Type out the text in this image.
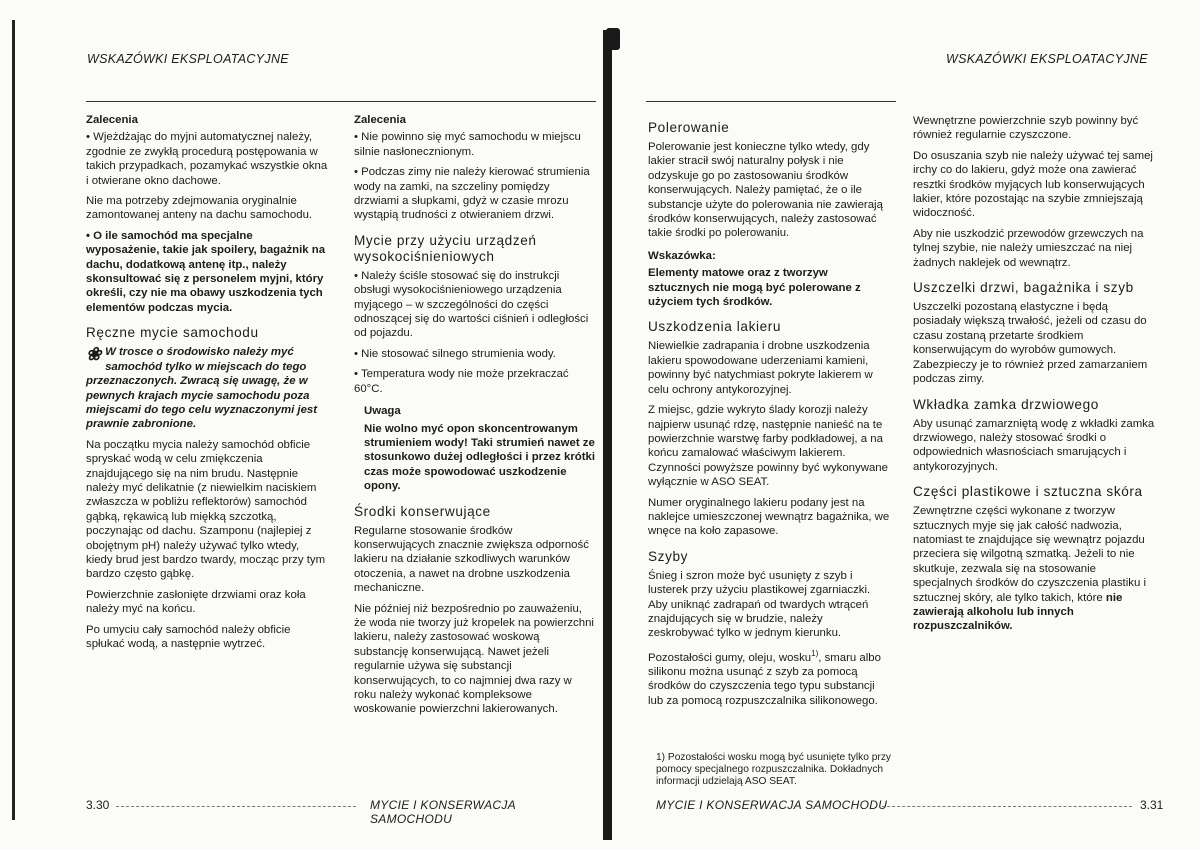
WSKAZÓWKI EKSPLOATACYJNE
Zalecenia

• Wjeżdżając do myjni automatycznej należy, zgodnie ze zwykłą procedurą postępowania w takich przypadkach, pozamykać wszystkie okna i otwierane okno dachowe.

Nie ma potrzeby zdejmowania oryginalnie zamontowanej anteny na dachu samochodu.

• O ile samochód ma specjalne wyposażenie, takie jak spoilery, bagażnik na dachu, dodatkową antenę itp., należy skonsultować się z personelem myjni, który określi, czy nie ma obawy uszkodzenia tych elementów podczas mycia.

Ręczne mycie samochodu

❀ W trosce o środowisko należy myć samochód tylko w miejscach do tego przeznaczonych. Zwracą się uwagę, że w pewnych krajach mycie samochodu poza miejscami do tego celu wyznaczonymi jest prawnie zabronione.

Na początku mycia należy samochód obficie spryskać wodą w celu zmiękczenia znajdującego się na nim brudu. Następnie należy myć delikatnie (z niewielkim naciskiem zwłaszcza w pobliżu reflektorów) samochód gąbką, rękawicą lub miękką szczotką, poczynając od dachu. Szamponu (najlepiej z obojętnym pH) należy używać tylko wtedy, kiedy brud jest bardzo twardy, mocząc przy tym bardzo często gąbkę.

Powierzchnie zasłonięte drzwiami oraz koła należy myć na końcu.

Po umyciu cały samochód należy obficie spłukać wodą, a następnie wytrzeć.

Zalecenia

• Nie powinno się myć samochodu w miejscu silnie nasłonecznionym.

• Podczas zimy nie należy kierować strumienia wody na zamki, na szczeliny pomiędzy drzwiami a słupkami, gdyż w czasie mrozu wystąpią trudności z otwieraniem drzwi.

Mycie przy użyciu urządzeń wysokociśnieniowych

• Należy ściśle stosować się do instrukcji obsługi wysokociśnieniowego urządzenia myjącego – w szczególności do części odnoszącej się do wartości ciśnień i odległości od pojazdu.

• Nie stosować silnego strumienia wody.

• Temperatura wody nie może przekraczać 60°C.

Uwaga

Nie wolno myć opon skoncentrowanym strumieniem wody! Taki strumień nawet ze stosunkowo dużej odległości i przez krótki czas może spowodować uszkodzenie opony.

Środki konserwujące

Regularne stosowanie środków konserwujących znacznie zwiększa odporność lakieru na działanie szkodliwych warunków otoczenia, a nawet na drobne uszkodzenia mechaniczne.

Nie później niż bezpośrednio po zauważeniu, że woda nie tworzy już kropelek na powierzchni lakieru, należy zastosować woskową substancję konserwującą. Nawet jeżeli regularnie używa się substancji konserwujących, to co najmniej dwa razy w roku należy wykonać kompleksowe woskowanie powierzchni lakierowanych.

3.30	MYCIE I KONSERWACJA SAMOCHODU
WSKAZÓWKI EKSPLOATACYJNE
Polerowanie

Polerowanie jest konieczne tylko wtedy, gdy lakier stracił swój naturalny połysk i nie odzyskuje go po zastosowaniu środków konserwujących. Należy pamiętać, że o ile substancje użyte do polerowania nie zawierają środków konserwujących, należy zastosować takie środki po polerowaniu.

Wskazówka:

Elementy matowe oraz z tworzyw sztucznych nie mogą być polerowane z użyciem tych środków.

Uszkodzenia lakieru

Niewielkie zadrapania i drobne uszkodzenia lakieru spowodowane uderzeniami kamieni, powinny być natychmiast pokryte lakierem w celu ochrony antykorozyjnej.

Z miejsc, gdzie wykryto ślady korozji należy najpierw usunąć rdzę, następnie nanieść na te powierzchnie warstwę farby podkładowej, a na końcu zamalować właściwym lakierem. Czynności powyższe powinny być wykonywane wyłącznie w ASO SEAT.

Numer oryginalnego lakieru podany jest na naklejce umieszczonej wewnątrz bagażnika, we wnęce na koło zapasowe.

Szyby

Śnieg i szron może być usunięty z szyb i lusterek przy użyciu plastikowej zgarniaczki. Aby uniknąć zadrapań od twardych wtrąceń znajdujących się w brudzie, należy zeskrobywać tylko w jednym kierunku.

Pozostałości gumy, oleju, wosku$^{1)}$, smaru albo silikonu można usunąć z szyb za pomocą środków do czyszczenia tego typu substancji lub za pomocą rozpuszczalnika silikonowego.

1) Pozostałości wosku mogą być usunięte tylko przy pomocy specjalnego rozpuszczalnika. Dokładnych informacji udzielają ASO SEAT.

Wewnętrzne powierzchnie szyb powinny być również regularnie czyszczone.

Do osuszania szyb nie należy używać tej samej irchy co do lakieru, gdyż może ona zawierać resztki środków myjących lub konserwujących lakier, które pozostając na szybie zmniejszają widoczność.

Aby nie uszkodzić przewodów grzewczych na tylnej szybie, nie należy umieszczać na niej żadnych naklejek od wewnątrz.

Uszczelki drzwi, bagażnika i szyb

Uszczelki pozostaną elastyczne i będą posiadały większą trwałość, jeżeli od czasu do czasu zostaną przetarte środkiem konserwującym do wyrobów gumowych. Zabezpieczy je to również przed zamarzaniem podczas zimy.

Wkładka zamka drzwiowego

Aby usunąć zamarzniętą wodę z wkładki zamka drzwiowego, należy stosować środki o odpowiednich własnościach smarujących i antykorozyjnych.

Części plastikowe i sztuczna skóra

Zewnętrzne części wykonane z tworzyw sztucznych myje się jak całość nadwozia, natomiast te znajdujące się wewnątrz pojazdu przeciera się wilgotną szmatką. Jeżeli to nie skutkuje, zezwala się na stosowanie specjalnych środków do czyszczenia plastiku i sztucznej skóry, ale tylko takich, które nie zawierają alkoholu lub innych rozpuszczalników.

MYCIE I KONSERWACJA SAMOCHODU	3.31
